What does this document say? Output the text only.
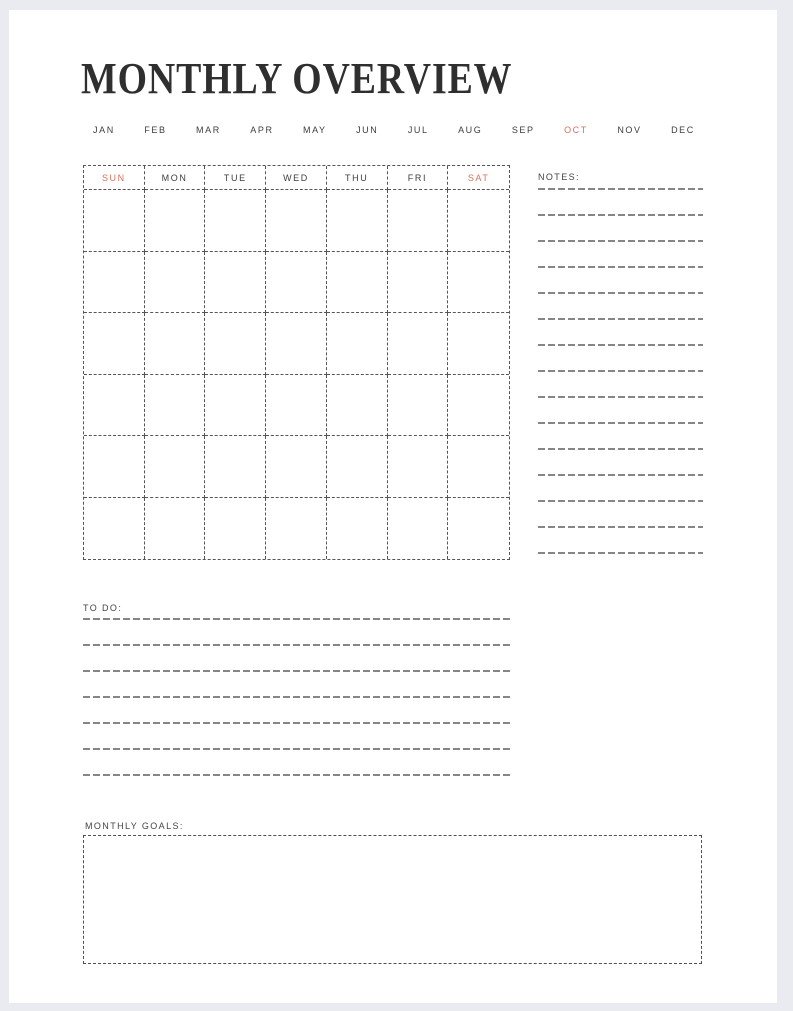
MONTHLY OVERVIEW
JAN	FEB	MAR	APR	MAY	JUN	JUL	AUG	SEP	OCT	NOV	DEC
SUN	MON	TUE	WED	THU	FRI	SAT	NOTES:
TO DO:
MONTHLY GOALS:
